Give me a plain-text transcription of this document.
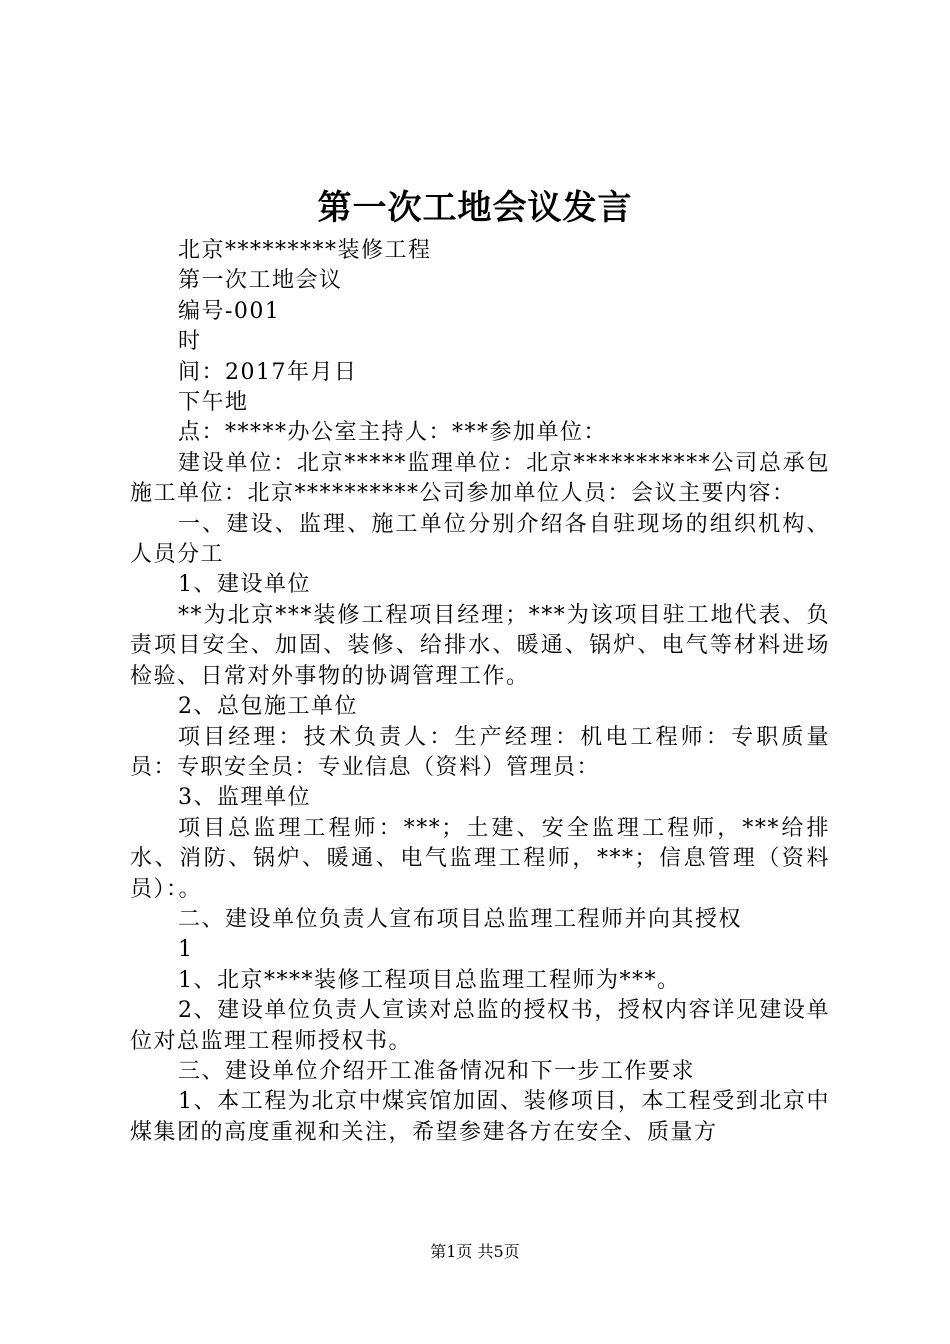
第一次工地会议发言

北京*********装修工程

第一次工地会议

编号-001

时

间：2017年月日

下午地

点：*****办公室主持人：***参加单位：

建设单位：北京*****监理单位：北京***********公司总承包施工单位：北京**********公司参加单位人员：会议主要内容：

一、建设、监理、施工单位分别介绍各自驻现场的组织机构、人员分工

1、建设单位

**为北京***装修工程项目经理；***为该项目驻工地代表、负责项目安全、加固、装修、给排水、暖通、锅炉、电气等材料进场检验、日常对外事物的协调管理工作。

2、总包施工单位

项目经理：技术负责人：生产经理：机电工程师：专职质量员：专职安全员：专业信息（资料）管理员：

3、监理单位

项目总监理工程师：***；土建、安全监理工程师，***给排水、消防、锅炉、暖通、电气监理工程师，***；信息管理（资料员）：。

二、建设单位负责人宣布项目总监理工程师并向其授权

1

1、北京****装修工程项目总监理工程师为***。

2、建设单位负责人宣读对总监的授权书，授权内容详见建设单位对总监理工程师授权书。

三、建设单位介绍开工准备情况和下一步工作要求

1、本工程为北京中煤宾馆加固、装修项目，本工程受到北京中煤集团的高度重视和关注，希望参建各方在安全、质量方

第1页 共5页
